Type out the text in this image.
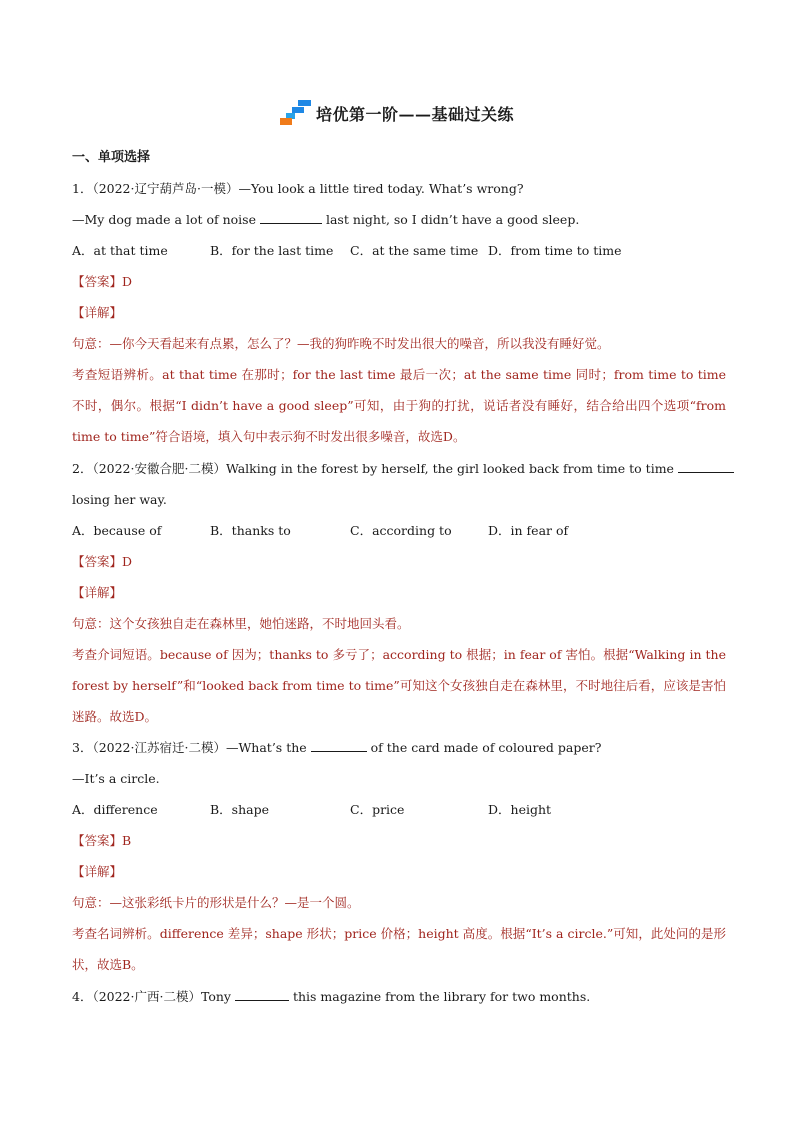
培优第一阶——基础过关练
一、单项选择
1．（2022·辽宁葫芦岛·一模）—You look a little tired today. What’s wrong?
—My dog made a lot of noise	last night, so I didn’t have a good sleep.
A．at that time	B．for the last time	C．at the same time D．from time to time
【答案】D
【详解】
句意：—你今天看起来有点累，怎么了？—我的狗昨晚不时发出很大的噪音，所以我没有睡好觉。
考查短语辨析。at that time 在那时；for the last time 最后一次；at the same time 同时；from time to time 不时，偶尔。根据“I didn’t have a good sleep”可知，由于狗的打扰，说话者没有睡好，结合给出四个选项“from time to time”符合语境，填入句中表示狗不时发出很多噪音，故选D。
2．（2022·安徽合肥·二模）Walking in the forest by herself, the girl looked back from time to time
losing her way.
A．because of	B．thanks to	C．according to	D．in fear of
【答案】D
【详解】
句意：这个女孩独自走在森林里，她怕迷路，不时地回头看。
考查介词短语。because of 因为；thanks to 多亏了；according to 根据；in fear of 害怕。根据“Walking in the forest by herself”和“looked back from time to time”可知这个女孩独自走在森林里，不时地往后看，应该是害怕迷路。故选D。
3．（2022·江苏宿迁·二模）—What’s the	of the card made of coloured paper?
—It’s a circle.
A．difference	B．shape	C．price	D．height
【答案】B
【详解】
句意：—这张彩纸卡片的形状是什么？—是一个圆。
考查名词辨析。difference 差异；shape 形状；price 价格；height 高度。根据“It’s a circle.”可知，此处问的是形状，故选B。
4．（2022·广西·二模）Tony	this magazine from the library for two months.
